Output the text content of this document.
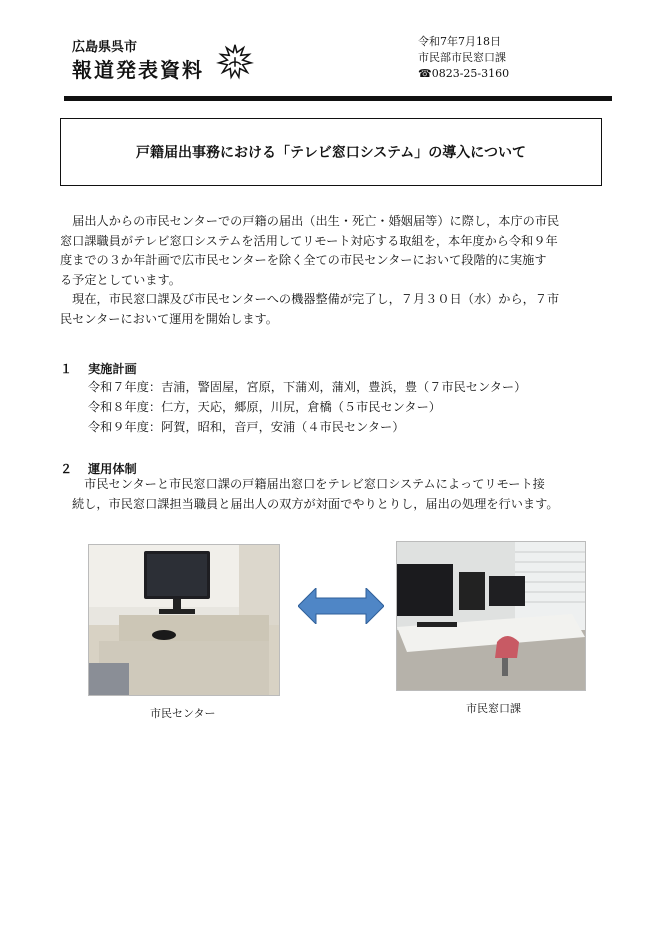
広島県呉市
報道発表資料
令和7年7月18日
市民部市民窓口課
☎0823-25-3160
戸籍届出事務における「テレビ窓口システム」の導入について
　届出人からの市民センターでの戸籍の届出（出生・死亡・婚姻届等）に際し，本庁の市民
窓口課職員がテレビ窓口システムを活用してリモート対応する取組を，本年度から令和９年
度までの３か年計画で広市民センターを除く全ての市民センターにおいて段階的に実施す
る予定としています。
　現在，市民窓口課及び市民センターへの機器整備が完了し，７月３０日（水）から，７市
民センターにおいて運用を開始します。
１ 実施計画
令和７年度：吉浦，警固屋，宮原，下蒲刈，蒲刈，豊浜，豊（７市民センター）
令和８年度：仁方，天応，郷原，川尻，倉橋（５市民センター）
令和９年度：阿賀，昭和，音戸，安浦（４市民センター）
２ 運用体制
　市民センターと市民窓口課の戸籍届出窓口をテレビ窓口システムによってリモート接
続し，市民窓口課担当職員と届出人の双方が対面でやりとりし，届出の処理を行います。
市民センター	市民窓口課
